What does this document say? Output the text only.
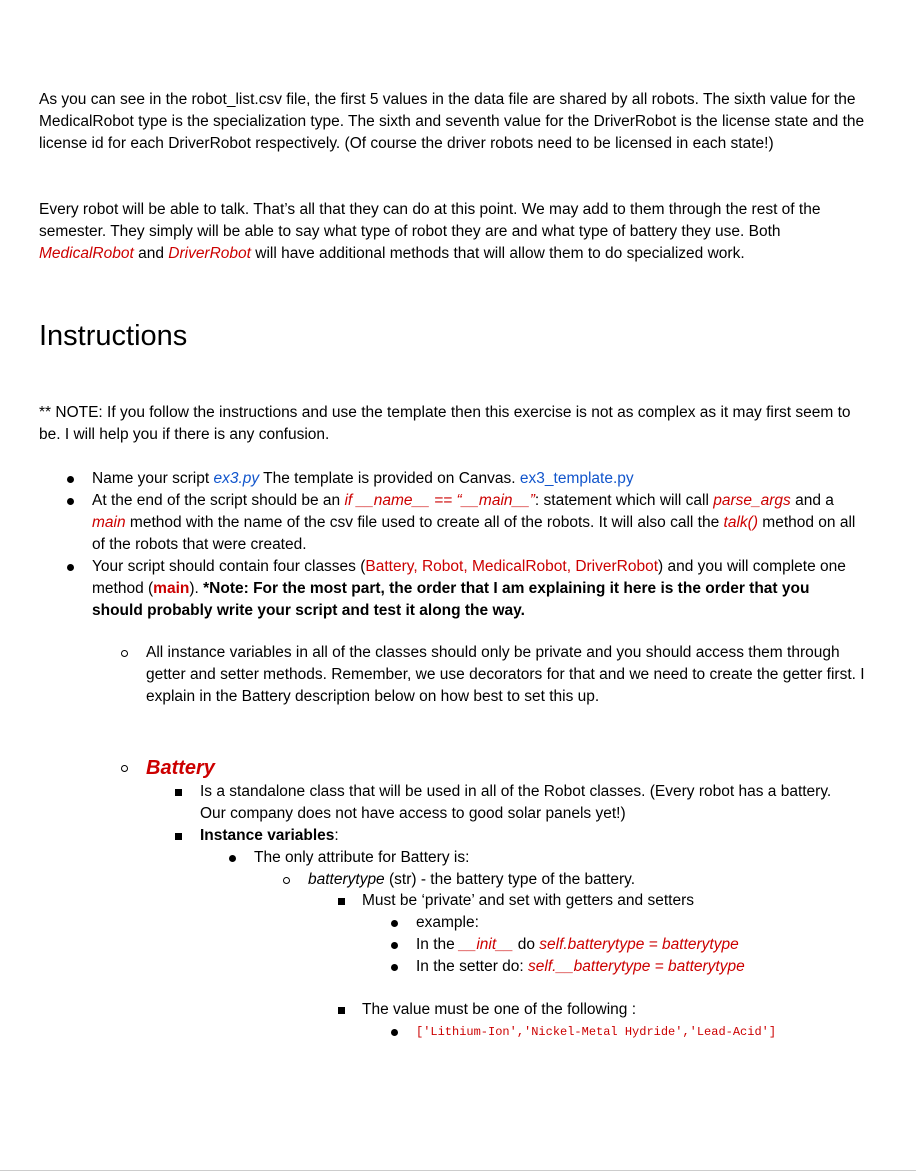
As you can see in the robot_list.csv file, the first 5 values in the data file are shared by all robots. The sixth value for the MedicalRobot type is the specialization type. The sixth and seventh value for the DriverRobot is the license state and the license id for each DriverRobot respectively. (Of course the driver robots need to be licensed in each state!)

Every robot will be able to talk. That’s all that they can do at this point. We may add to them through the rest of the semester. They simply will be able to say what type of robot they are and what type of battery they use. Both MedicalRobot and DriverRobot will have additional methods that will allow them to do specialized work.

Instructions

** NOTE: If you follow the instructions and use the template then this exercise is not as complex as it may first seem to be. I will help you if there is any confusion.

Name your script ex3.py The template is provided on Canvas. ex3_template.py
At the end of the script should be an if __name__ == “__main__”: statement which will call parse_args and a main method with the name of the csv file used to create all of the robots. It will also call the talk() method on all of the robots that were created.
Your script should contain four classes (Battery, Robot, MedicalRobot, DriverRobot) and you will complete one method (main). *Note: For the most part, the order that I am explaining it here is the order that you should probably write your script and test it along the way.
All instance variables in all of the classes should only be private and you should access them through getter and setter methods. Remember, we use decorators for that and we need to create the getter first. I explain in the Battery description below on how best to set this up.
Battery
Is a standalone class that will be used in all of the Robot classes. (Every robot has a battery. Our company does not have access to good solar panels yet!)
Instance variables:
The only attribute for Battery is:
batterytype (str) - the battery type of the battery.
Must be ‘private’ and set with getters and setters
example:
In the __init__ do self.batterytype = batterytype
In the setter do: self.__batterytype = batterytype
The value must be one of the following :
['Lithium-Ion','Nickel-Metal Hydride','Lead-Acid']
